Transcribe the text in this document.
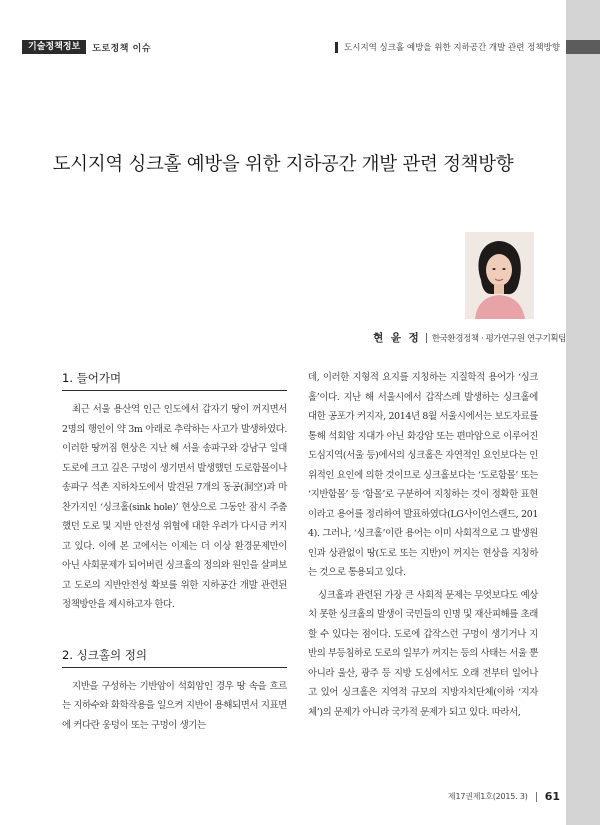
기술정책정보	도로정책 이슈	도시지역 싱크홀 예방을 위한 지하공간 개발 관련 정책방향
도시지역 싱크홀 예방을 위한 지하공간 개발 관련 정책방향
현 윤 정 한국환경정책 · 평가연구원 연구기획팀
1. 들어가며

최근 서울 용산역 인근 인도에서 갑자기 땅이 꺼지면서 2명의 행인이 약 3m 아래로 추락하는 사고가 발생하였다. 이러한 땅꺼짐 현상은 지난 해 서울 송파구와 강남구 일대 도로에 크고 깊은 구멍이 생기면서 발생했던 도로함몰이나 송파구 석촌 지하차도에서 발견된 7개의 동공(洞空)과 마찬가지인 ‘싱크홀(sink hole)’ 현상으로 그동안 잠시 주춤했던 도로 및 지반 안전성 위협에 대한 우려가 다시금 커지고 있다. 이에 본 고에서는 이제는 더 이상 환경문제만이 아닌 사회문제가 되어버린 싱크홀의 정의와 원인을 살펴보고 도로의 지반안전성 확보를 위한 지하공간 개발 관련된 정책방안을 제시하고자 한다.

2. 싱크홀의 정의

지반을 구성하는 기반암이 석회암인 경우 땅 속을 흐르는 지하수와 화학작용을 일으켜 지반이 용해되면서 지표면에 커다란 웅덩이 또는 구멍이 생기는

데, 이러한 지형적 요지를 지칭하는 지질학적 용어가 ‘싱크홀’이다. 지난 해 서울시에서 갑작스레 발생하는 싱크홀에 대한 공포가 커지자, 2014년 8월 서울시에서는 보도자료를 통해 석회암 지대가 아닌 화강암 또는 편마암으로 이루어진 도심지역(서울 등)에서의 싱크홀은 자연적인 요인보다는 인위적인 요인에 의한 것이므로 싱크홀보다는 ‘도로함몰’ 또는 ‘지반함몰’ 등 ‘함몰’로 구분하여 지칭하는 것이 정확한 표현이라고 용어를 정리하여 발표하였다(LG사이언스랜드, 2014). 그러나, ‘싱크홀’이란 용어는 이미 사회적으로 그 발생원인과 상관없이 땅(도로 또는 지반)이 꺼지는 현상을 지칭하는 것으로 통용되고 있다.

싱크홀과 관련된 가장 큰 사회적 문제는 무엇보다도 예상치 못한 싱크홀의 발생이 국민들의 인명 및 재산피해를 초래할 수 있다는 점이다. 도로에 갑작스런 구멍이 생기거나 지반의 부등침하로 도로의 일부가 꺼지는 등의 사태는 서울 뿐 아니라 울산, 광주 등 지방 도심에서도 오래 전부터 일어나고 있어 싱크홀은 지역적 규모의 지방자치단체(이하 ‘지자체’)의 문제가 아니라 국가적 문제가 되고 있다. 따라서,

제17권제1호(2015. 3) 61
